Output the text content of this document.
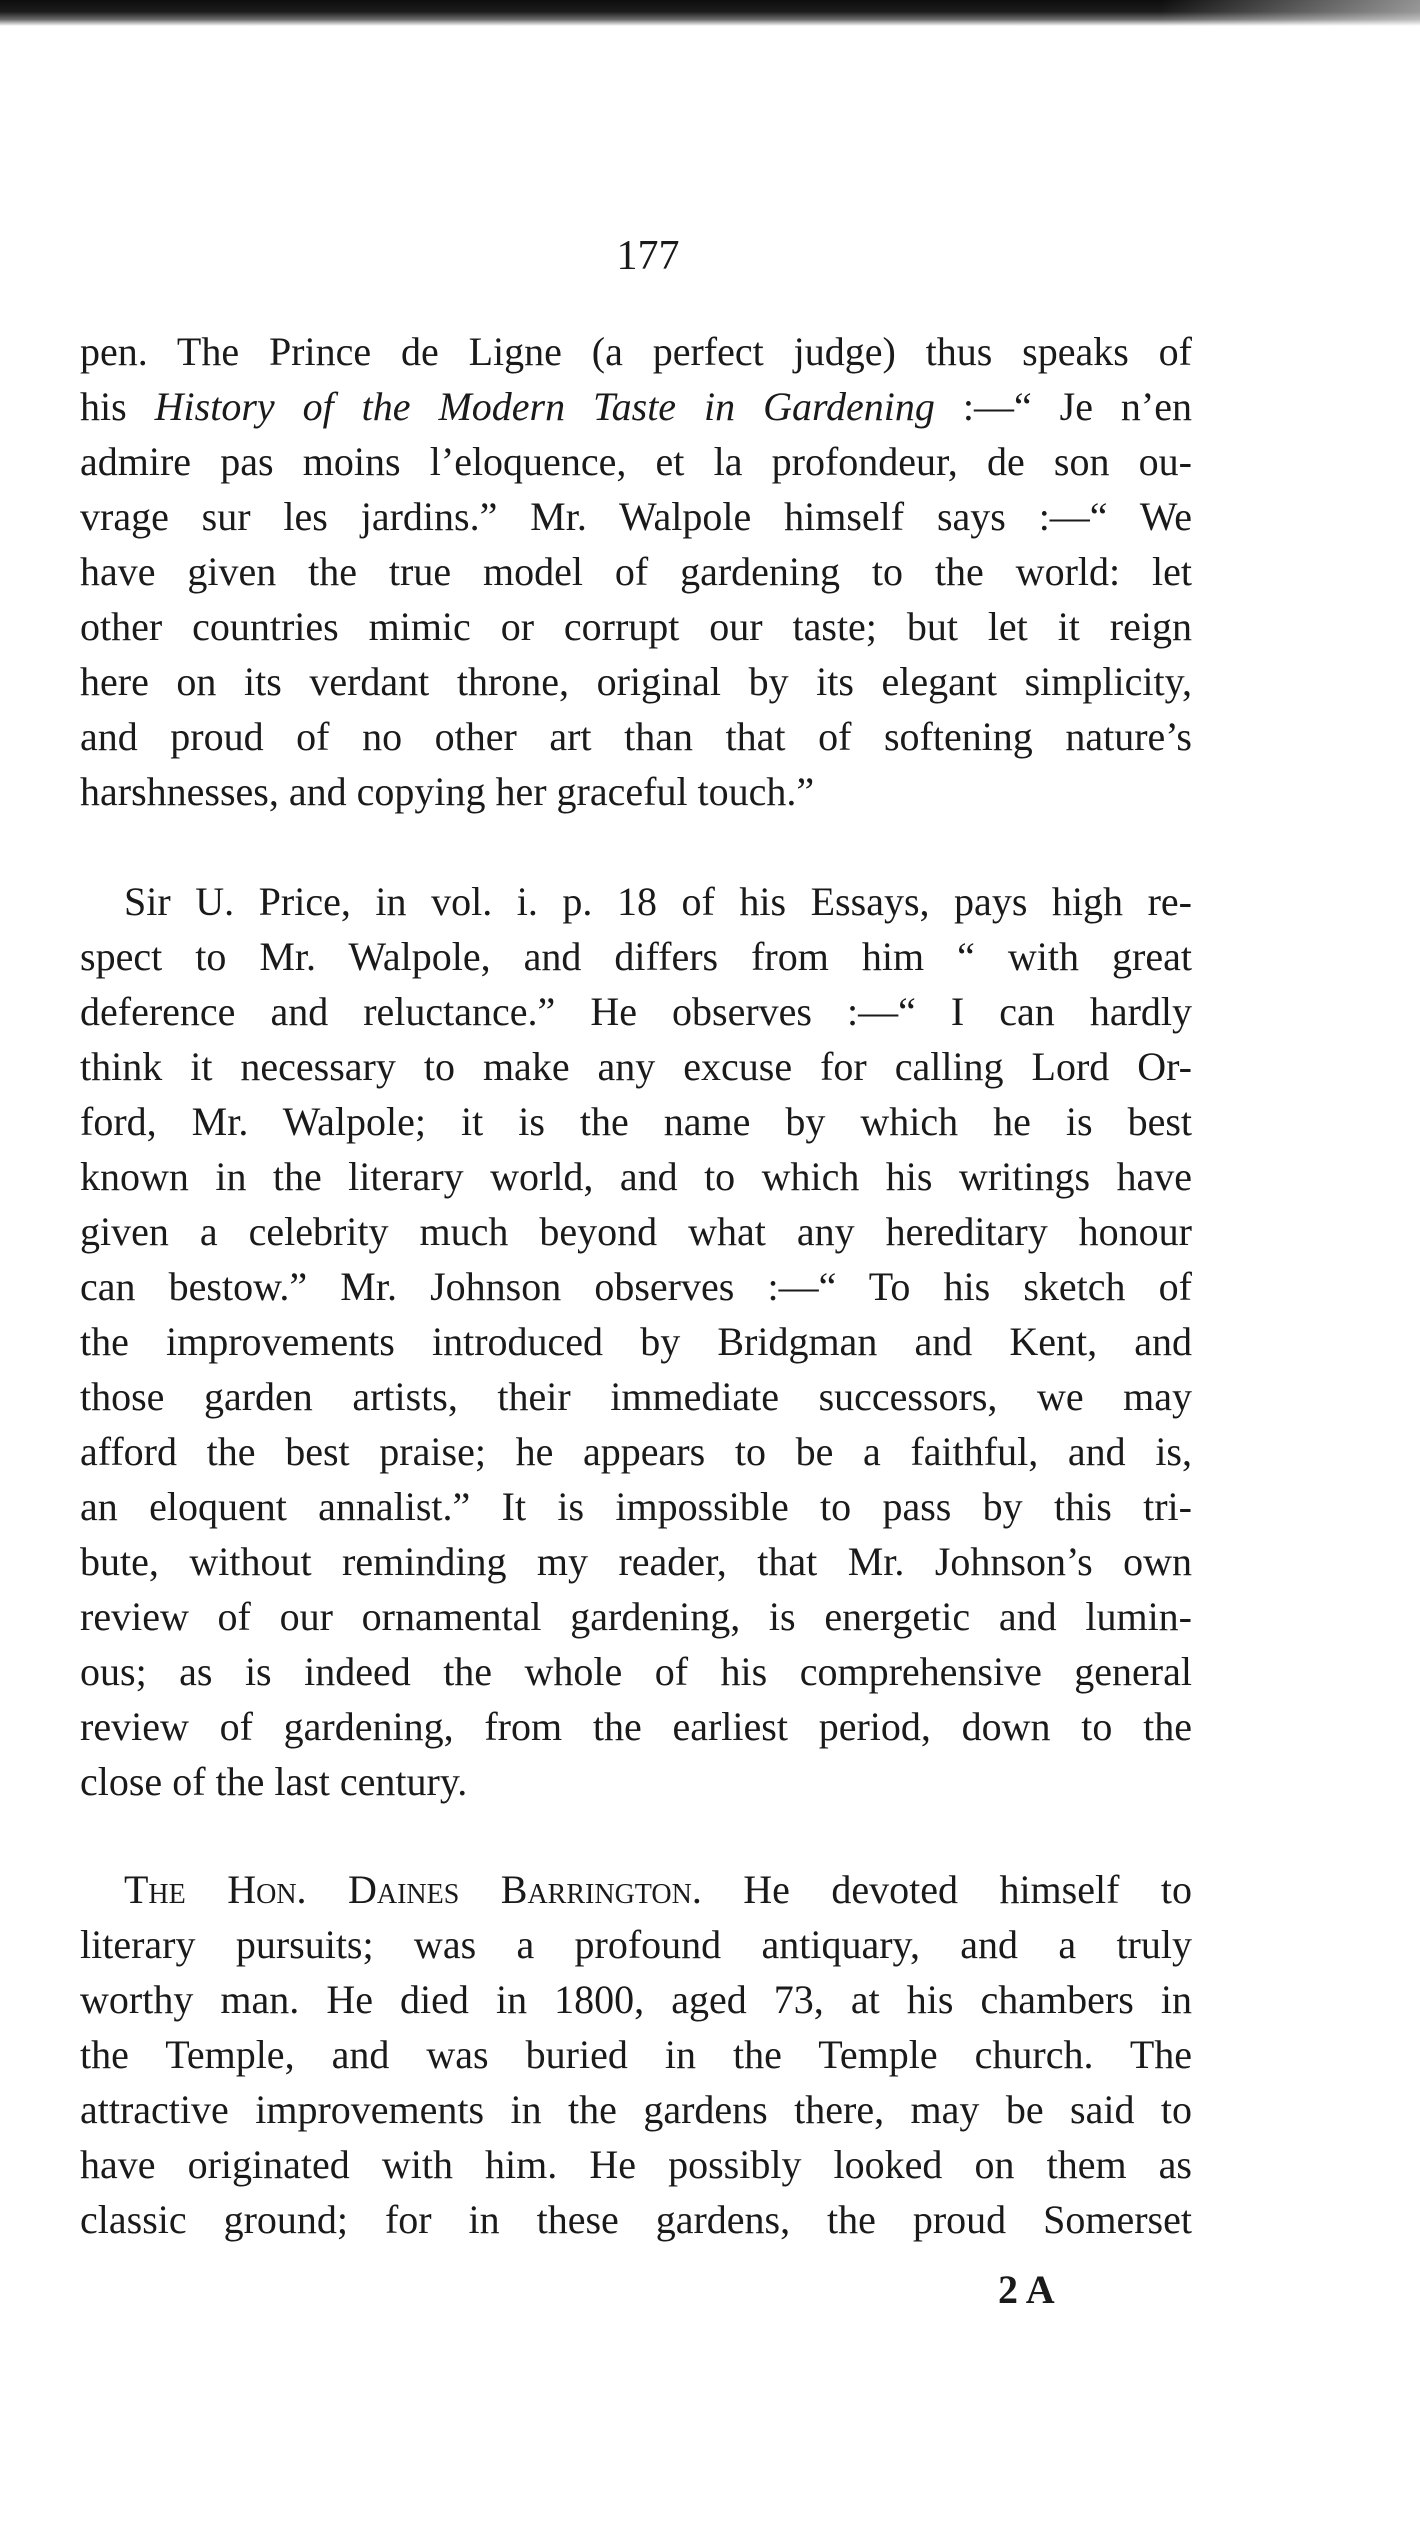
177
pen. The Prince de Ligne (a perfect judge) thus speaks of
his History of the Modern Taste in Gardening :—“ Je n’en
admire pas moins l’eloquence, et la profondeur, de son ou-
vrage sur les jardins.” Mr. Walpole himself says :—“ We
have given the true model of gardening to the world: let
other countries mimic or corrupt our taste; but let it reign
here on its verdant throne, original by its elegant simplicity,
and proud of no other art than that of softening nature’s
harshnesses, and copying her graceful touch.”
Sir U. Price, in vol. i. p. 18 of his Essays, pays high re-
spect to Mr. Walpole, and differs from him “ with great
deference and reluctance.” He observes :—“ I can hardly
think it necessary to make any excuse for calling Lord Or-
ford, Mr. Walpole; it is the name by which he is best
known in the literary world, and to which his writings have
given a celebrity much beyond what any hereditary honour
can bestow.” Mr. Johnson observes :—“ To his sketch of
the improvements introduced by Bridgman and Kent, and
those garden artists, their immediate successors, we may
afford the best praise; he appears to be a faithful, and is,
an eloquent annalist.” It is impossible to pass by this tri-
bute, without reminding my reader, that Mr. Johnson’s own
review of our ornamental gardening, is energetic and lumin-
ous; as is indeed the whole of his comprehensive general
review of gardening, from the earliest period, down to the
close of the last century.
The Hon. Daines Barrington. He devoted himself to
literary pursuits; was a profound antiquary, and a truly
worthy man. He died in 1800, aged 73, at his chambers in
the Temple, and was buried in the Temple church. The
attractive improvements in the gardens there, may be said to
have originated with him. He possibly looked on them as
classic ground; for in these gardens, the proud Somerset
2 A
